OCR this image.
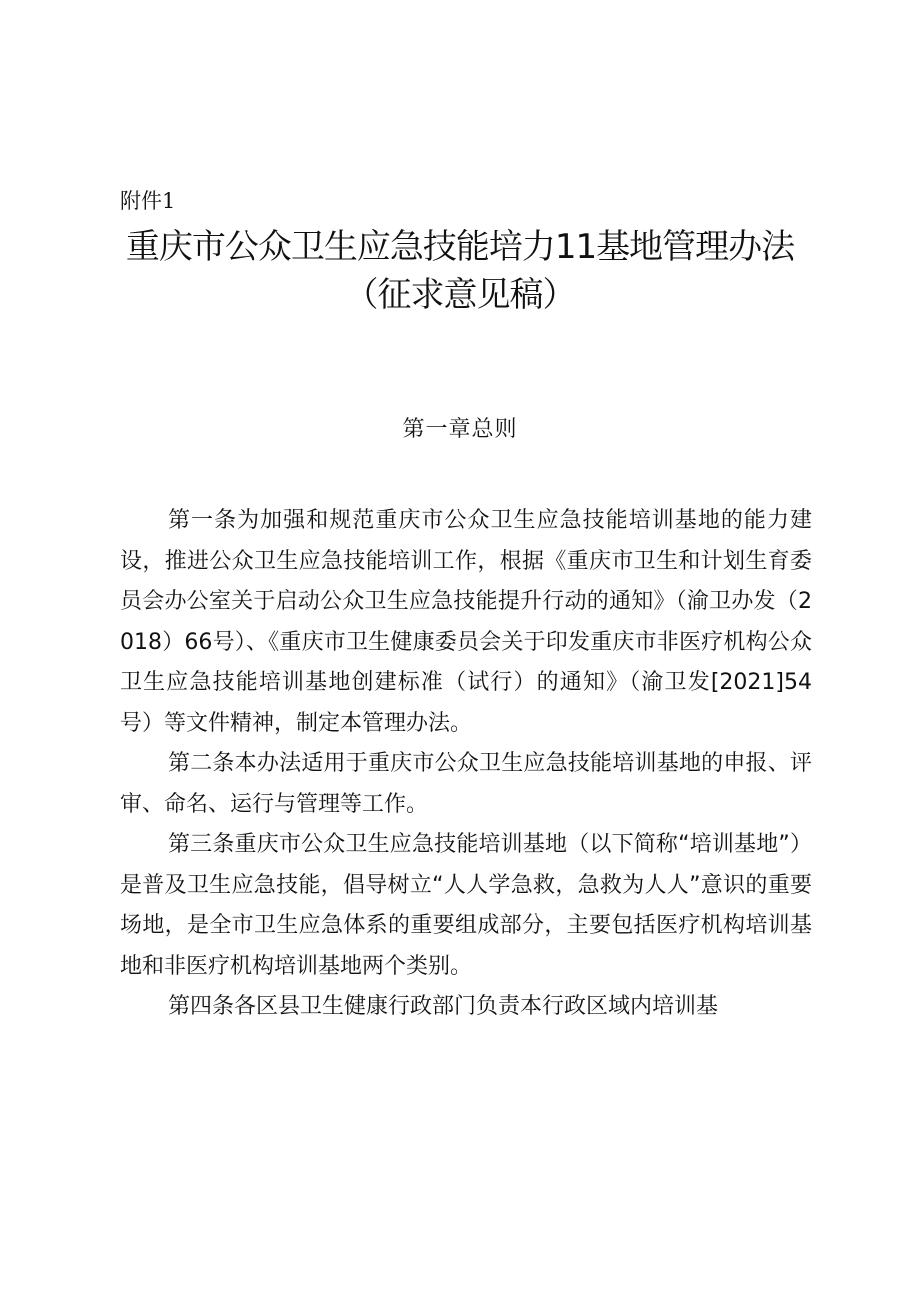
附件1
重庆市公众卫生应急技能培力11基地管理办法
（征求意见稿）
第一章总则

第一条为加强和规范重庆市公众卫生应急技能培训基地的能力建设，推进公众卫生应急技能培训工作，根据《重庆市卫生和计划生育委员会办公室关于启动公众卫生应急技能提升行动的通知》（渝卫办发（2018）66号）、《重庆市卫生健康委员会关于印发重庆市非医疗机构公众卫生应急技能培训基地创建标准（试行）的通知》（渝卫发[2021]54号）等文件精神，制定本管理办法。

第二条本办法适用于重庆市公众卫生应急技能培训基地的申报、评审、命名、运行与管理等工作。

第三条重庆市公众卫生应急技能培训基地（以下简称“培训基地”）是普及卫生应急技能，倡导树立“人人学急救，急救为人人”意识的重要场地，是全市卫生应急体系的重要组成部分，主要包括医疗机构培训基地和非医疗机构培训基地两个类别。

第四条各区县卫生健康行政部门负责本行政区域内培训基
